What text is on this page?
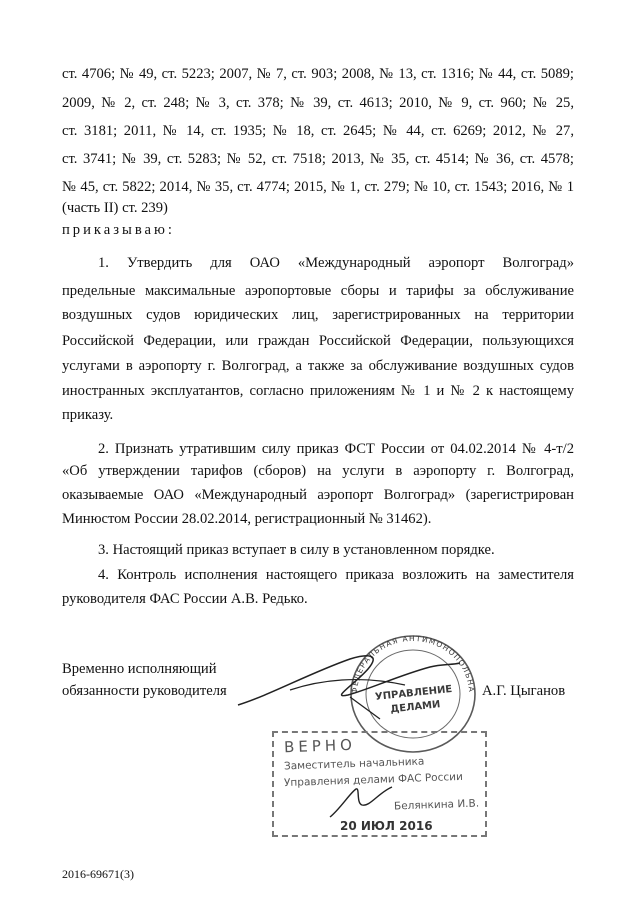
ст. 4706; № 49, ст. 5223; 2007, № 7, ст. 903; 2008, № 13, ст. 1316; № 44, ст. 5089;
2009, № 2, ст. 248; № 3, ст. 378; № 39, ст. 4613; 2010, № 9, ст. 960; № 25,
ст. 3181; 2011, № 14, ст. 1935; № 18, ст. 2645; № 44, ст. 6269; 2012, № 27,
ст. 3741; № 39, ст. 5283; № 52, ст. 7518; 2013, № 35, ст. 4514; № 36, ст. 4578;
№ 45, ст. 5822; 2014, № 35, ст. 4774; 2015, № 1, ст. 279; № 10, ст. 1543; 2016, № 1
(часть II) ст. 239)
приказываю:
1. Утвердить для ОАО «Международный аэропорт Волгоград»
предельные максимальные аэропортовые сборы и тарифы за обслуживание
воздушных судов юридических лиц, зарегистрированных на территории
Российской Федерации, или граждан Российской Федерации, пользующихся
услугами в аэропорту г. Волгоград, а также за обслуживание воздушных судов
иностранных эксплуатантов, согласно приложениям № 1 и № 2 к настоящему
приказу.
2. Признать утратившим силу приказ ФСТ России от 04.02.2014 № 4-т/2
«Об утверждении тарифов (сборов) на услуги в аэропорту г. Волгоград,
оказываемые ОАО «Международный аэропорт Волгоград» (зарегистрирован
Минюстом России 28.02.2014, регистрационный № 31462).
3. Настоящий приказ вступает в силу в установленном порядке.
4. Контроль исполнения настоящего приказа возложить на заместителя
руководителя ФАС России А.В. Редько.
Временно исполняющий
обязанности руководителя	А.Г. Цыганов
ФЕДЕРАЛЬНАЯ АНТИМОНОПОЛЬНАЯ СЛУЖБА
УПРАВЛЕНИЕ
ДЕЛАМИ
ВЕРНО
Заместитель начальника
Управления делами ФАС России
Белянкина И.В.
20 ИЮЛ 2016
2016-69671(3)
